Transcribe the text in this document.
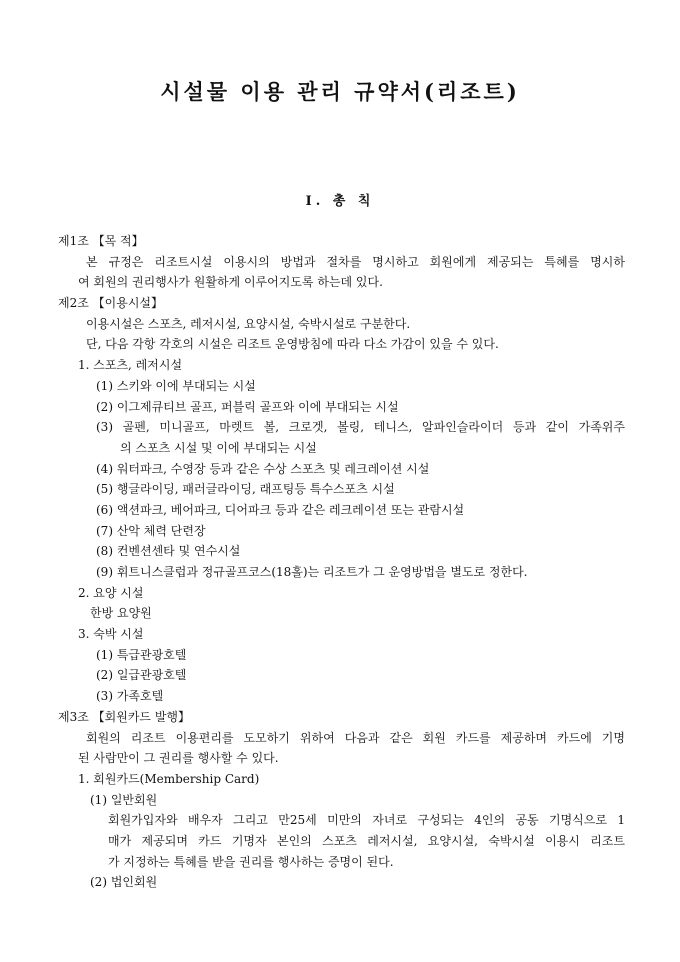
시설물 이용 관리 규약서(리조트)
I. 총 칙
제1조 【목 적】
본 규정은 리조트시설 이용시의 방법과 절차를 명시하고 회원에게 제공되는 특혜를 명시하
여 회원의 권리행사가 원활하게 이루어지도록 하는데 있다.
제2조 【이용시설】
이용시설은 스포츠, 레저시설, 요양시설, 숙박시설로 구분한다.
단, 다음 각항 각호의 시설은 리조트 운영방침에 따라 다소 가감이 있을 수 있다.
1. 스포츠, 레저시설
(1) 스키와 이에 부대되는 시설
(2) 이그제큐티브 골프, 퍼블릭 골프와 이에 부대되는 시설
(3) 골펜, 미니골프, 마렛트 볼, 크로겟, 볼링, 테니스, 알파인슬라이더 등과 같이 가족위주
의 스포츠 시설 및 이에 부대되는 시설
(4) 워터파크, 수영장 등과 같은 수상 스포츠 및 레크레이션 시설
(5) 행글라이딩, 패러글라이딩, 래프팅등 특수스포츠 시설
(6) 액션파크, 베어파크, 디어파크 등과 같은 레크레이션 또는 관람시설
(7) 산악 체력 단련장
(8) 컨벤션센타 및 연수시설
(9) 휘트니스클럽과 정규골프코스(18홀)는 리조트가 그 운영방법을 별도로 정한다.
2. 요양 시설
한방 요양원
3. 숙박 시설
(1) 특급관광호텔
(2) 일급관광호텔
(3) 가족호텔
제3조 【회원카드 발행】
회원의 리조트 이용편리를 도모하기 위하여 다음과 같은 회원 카드를 제공하며 카드에 기명
된 사람만이 그 권리를 행사할 수 있다.
1. 회원카드(Membership Card)
(1) 일반회원
회원가입자와 배우자 그리고 만25세 미만의 자녀로 구성되는 4인의 공동 기명식으로 1
매가 제공되며 카드 기명자 본인의 스포츠 레저시설, 요양시설, 숙박시설 이용시 리조트
가 지정하는 특혜를 받을 권리를 행사하는 증명이 된다.
(2) 법인회원
